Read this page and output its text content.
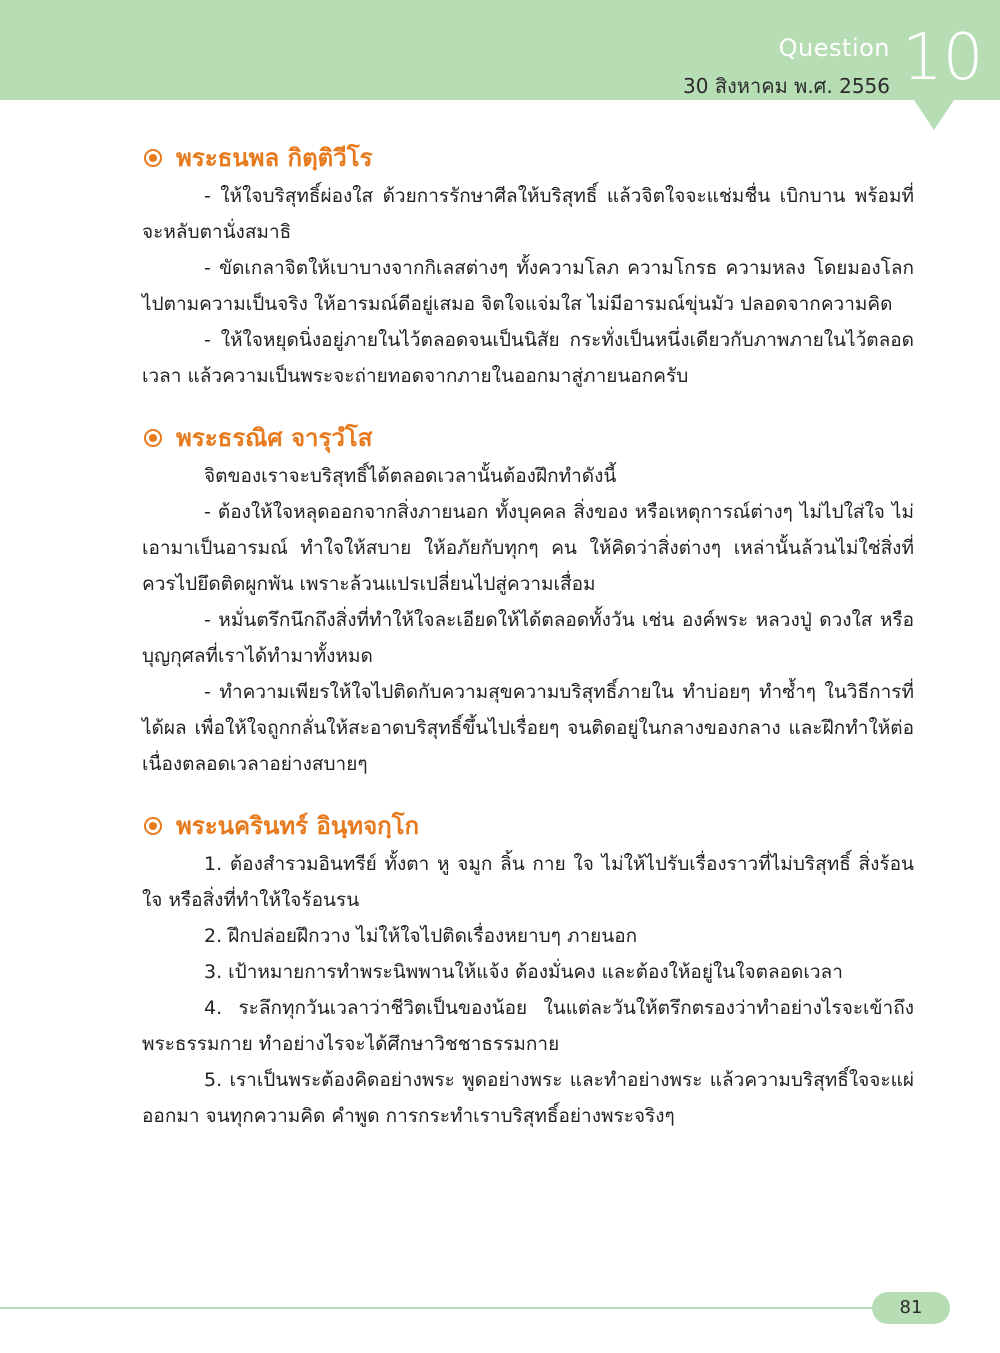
Question
30 สิงหาคม พ.ศ. 2556 10
พระธนพล กิตฺติวีโร

- ให้ใจบริสุทธิ์ผ่องใส ด้วยการรักษาศีลให้บริสุทธิ์ แล้วจิตใจจะแช่มชื่น เบิกบาน พร้อมที่จะหลับตานั่งสมาธิ

- ขัดเกลาจิตให้เบาบางจากกิเลสต่างๆ ทั้งความโลภ ความโกรธ ความหลง โดยมองโลกไปตามความเป็นจริง ให้อารมณ์ดีอยู่เสมอ จิตใจแจ่มใส ไม่มีอารมณ์ขุ่นมัว ปลอดจากความคิด

- ให้ใจหยุดนิ่งอยู่ภายในไว้ตลอดจนเป็นนิสัย กระทั่งเป็นหนึ่งเดียวกับภาพภายในไว้ตลอดเวลา แล้วความเป็นพระจะถ่ายทอดจากภายในออกมาสู่ภายนอกครับ

พระธรณิศ จารุวํโส

จิตของเราจะบริสุทธิ์ได้ตลอดเวลานั้นต้องฝึกทำดังนี้

- ต้องให้ใจหลุดออกจากสิ่งภายนอก ทั้งบุคคล สิ่งของ หรือเหตุการณ์ต่างๆ ไม่ไปใส่ใจ ไม่เอามาเป็นอารมณ์ ทำใจให้สบาย ให้อภัยกับทุกๆ คน ให้คิดว่าสิ่งต่างๆ เหล่านั้นล้วนไม่ใช่สิ่งที่ควรไปยึดติดผูกพัน เพราะล้วนแปรเปลี่ยนไปสู่ความเสื่อม

- หมั่นตรึกนึกถึงสิ่งที่ทำให้ใจละเอียดให้ได้ตลอดทั้งวัน เช่น องค์พระ หลวงปู่ ดวงใส หรือบุญกุศลที่เราได้ทำมาทั้งหมด

- ทำความเพียรให้ใจไปติดกับความสุขความบริสุทธิ์ภายใน ทำบ่อยๆ ทำซ้ำๆ ในวิธีการที่ได้ผล เพื่อให้ใจถูกกลั่นให้สะอาดบริสุทธิ์ขึ้นไปเรื่อยๆ จนติดอยู่ในกลางของกลาง และฝึกทำให้ต่อเนื่องตลอดเวลาอย่างสบายๆ

พระนครินทร์ อินฺทจกฺโก

1. ต้องสำรวมอินทรีย์ ทั้งตา หู จมูก ลิ้น กาย ใจ ไม่ให้ไปรับเรื่องราวที่ไม่บริสุทธิ์ สิ่งร้อนใจ หรือสิ่งที่ทำให้ใจร้อนรน

2. ฝึกปล่อยฝึกวาง ไม่ให้ใจไปติดเรื่องหยาบๆ ภายนอก

3. เป้าหมายการทำพระนิพพานให้แจ้ง ต้องมั่นคง และต้องให้อยู่ในใจตลอดเวลา

4. ระลึกทุกวันเวลาว่าชีวิตเป็นของน้อย ในแต่ละวันให้ตรึกตรองว่าทำอย่างไรจะเข้าถึงพระธรรมกาย ทำอย่างไรจะได้ศึกษาวิชชาธรรมกาย

5. เราเป็นพระต้องคิดอย่างพระ พูดอย่างพระ และทำอย่างพระ แล้วความบริสุทธิ์ใจจะแผ่ออกมา จนทุกความคิด คำพูด การกระทำเราบริสุทธิ์อย่างพระจริงๆ

81
